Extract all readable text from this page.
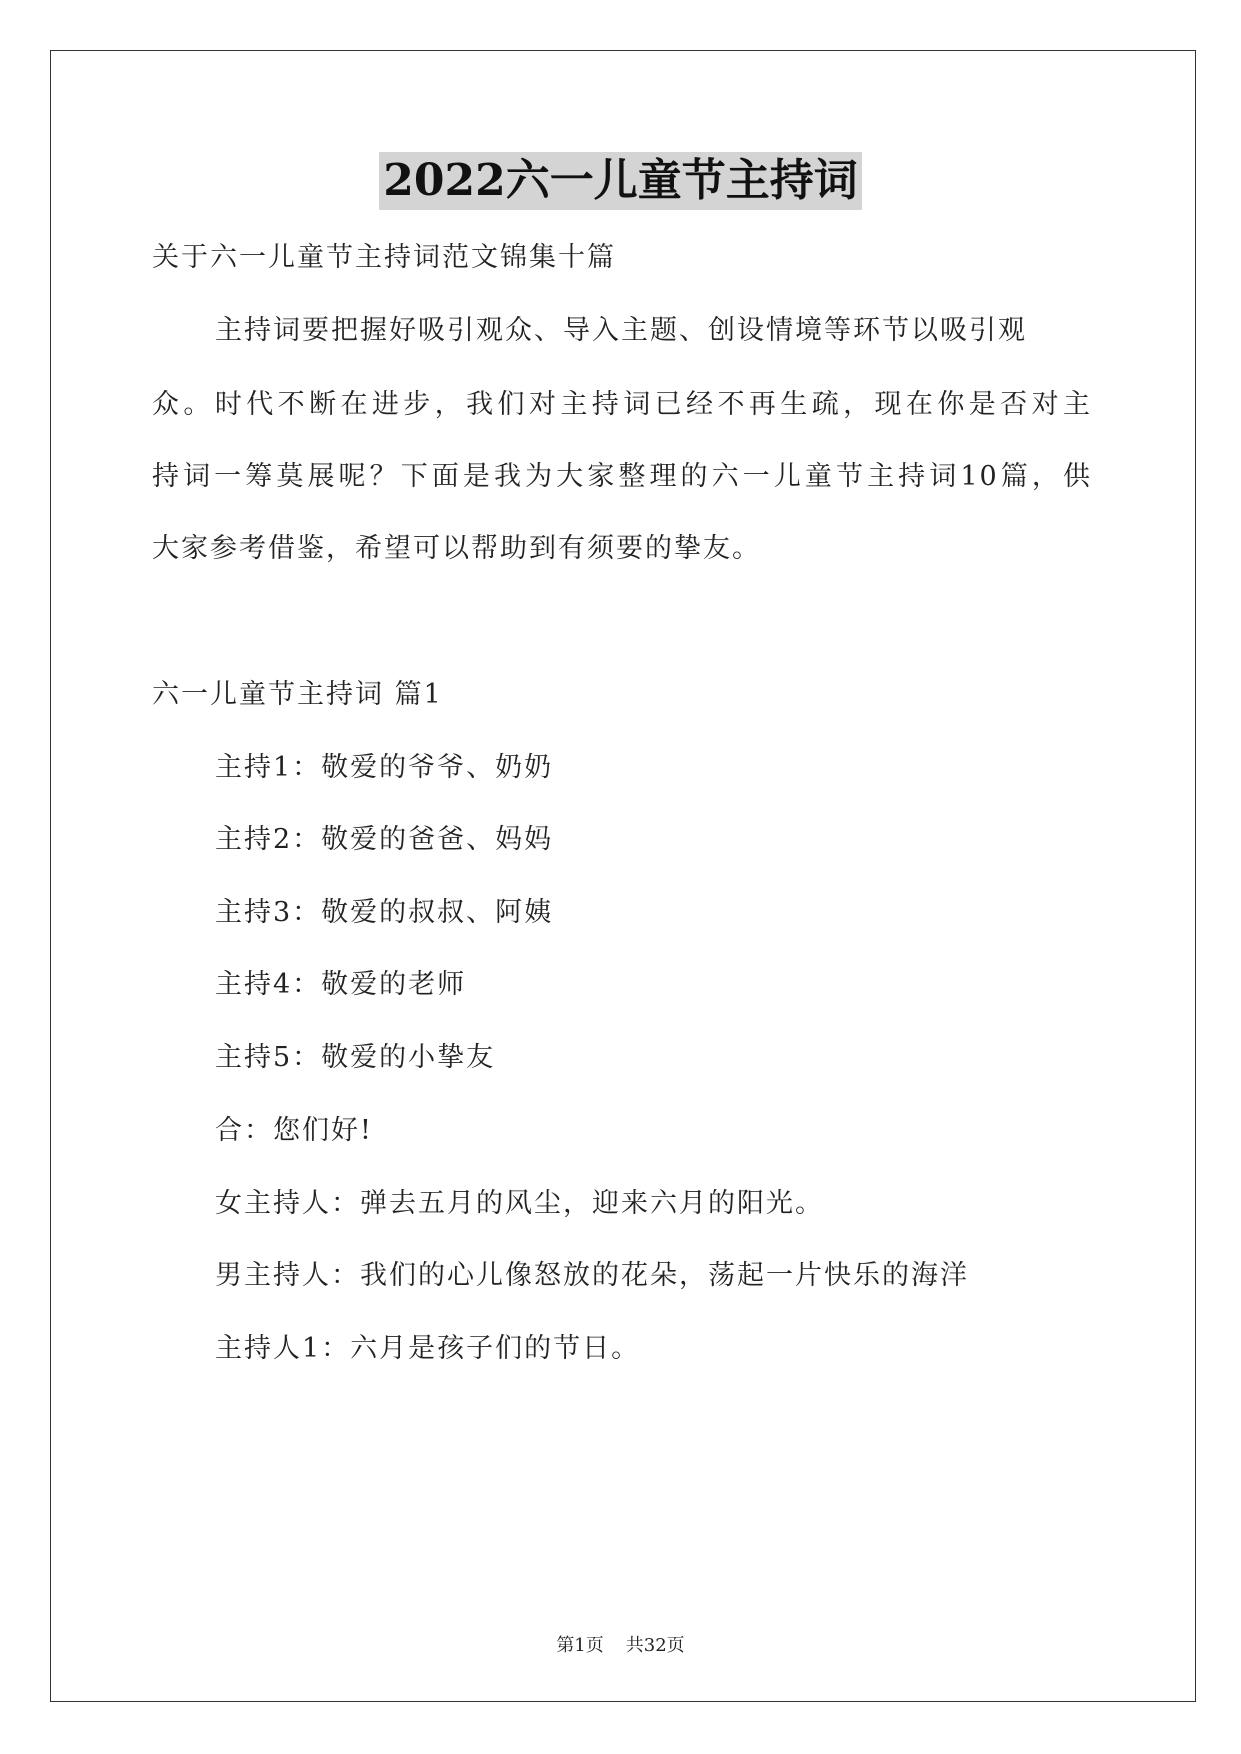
2022六一儿童节主持词
关于六一儿童节主持词范文锦集十篇
主持词要把握好吸引观众、导入主题、创设情境等环节以吸引观
众。时代不断在进步，我们对主持词已经不再生疏，现在你是否对主
持词一筹莫展呢？下面是我为大家整理的六一儿童节主持词10篇，供
大家参考借鉴，希望可以帮助到有须要的挚友。
六一儿童节主持词 篇1
主持1：敬爱的爷爷、奶奶
主持2：敬爱的爸爸、妈妈
主持3：敬爱的叔叔、阿姨
主持4：敬爱的老师
主持5：敬爱的小挚友
合：您们好!
女主持人：弹去五月的风尘，迎来六月的阳光。
男主持人：我们的心儿像怒放的花朵，荡起一片快乐的海洋
主持人1：六月是孩子们的节日。
第1页 共32页
